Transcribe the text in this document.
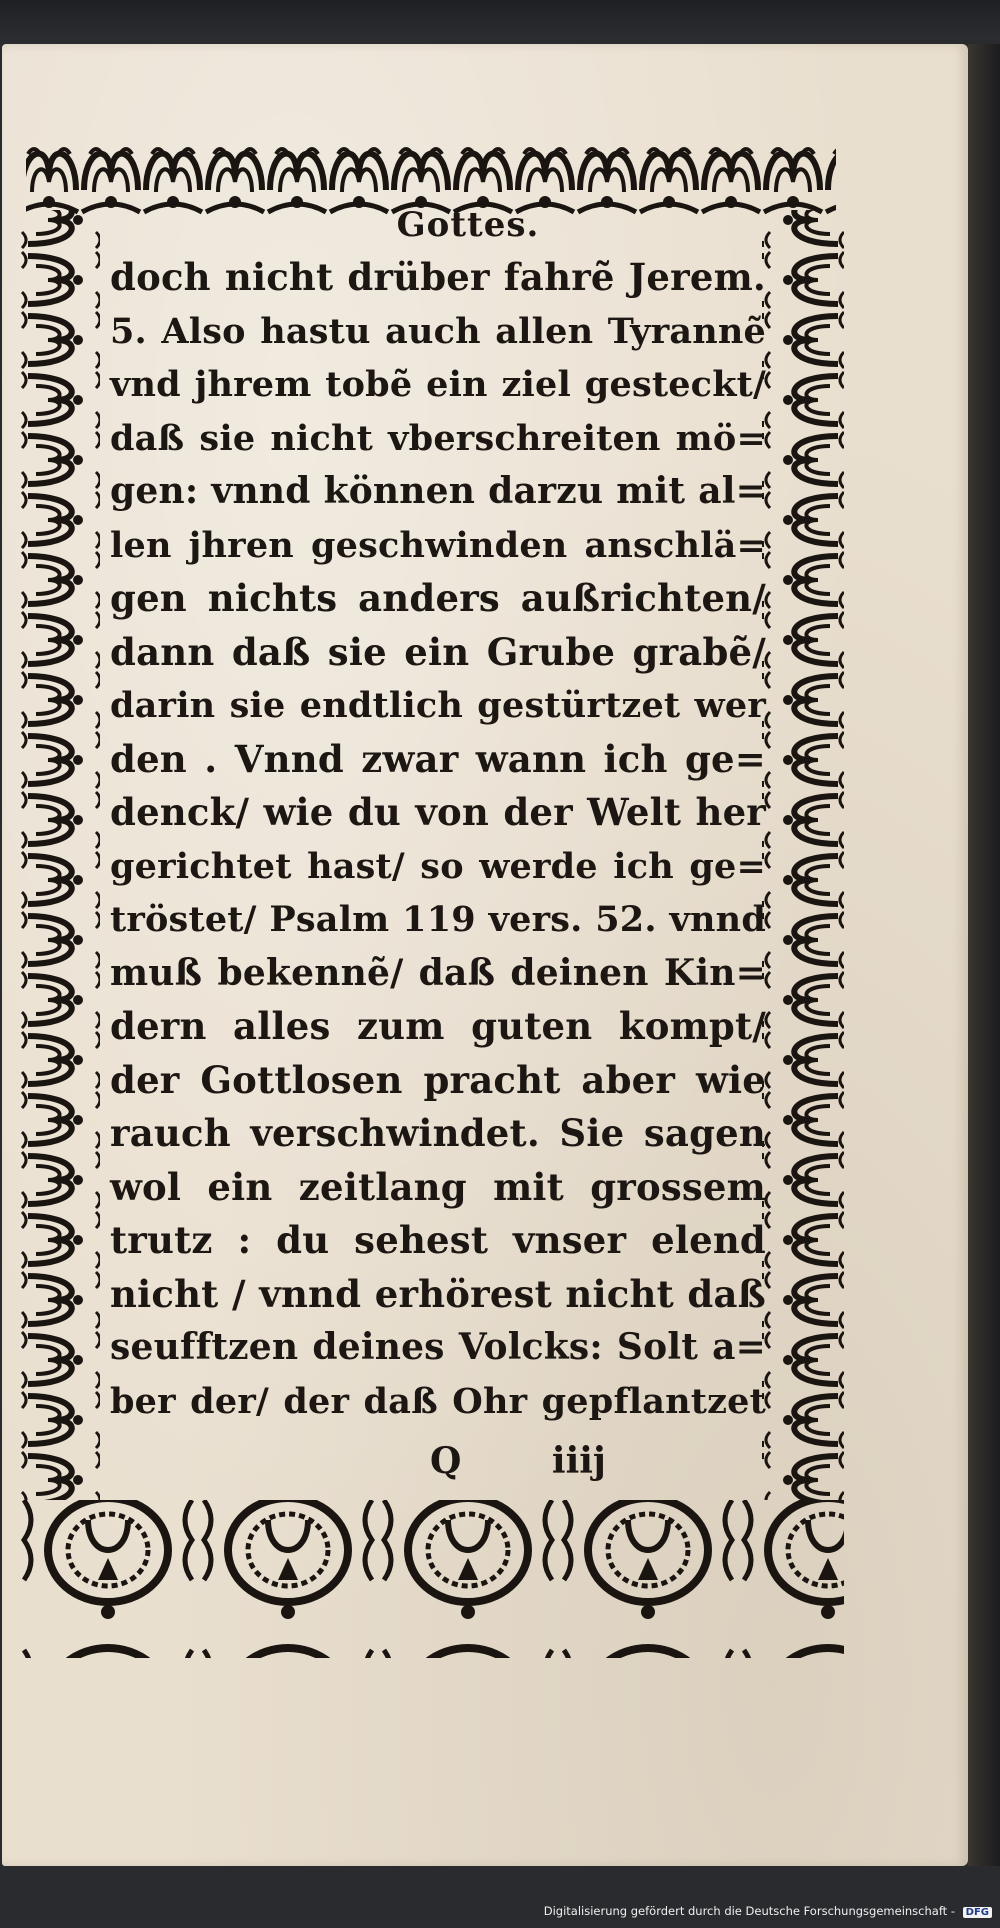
Gottes.
doch nicht drüber fahrẽ Jerem.
5. Also hastu auch allen Tyrannẽ
vnd jhrem tobẽ ein ziel gesteckt/
daß sie nicht vberschreiten mö=
gen: vnnd können darzu mit al=
len jhren geschwinden anschlä=
gen nichts anders außrichten/
dann daß sie ein Grube grabẽ/
darin sie endtlich gestürtzet wer
den . Vnnd zwar wann ich ge=
denck/ wie du von der Welt her
gerichtet hast/ so werde ich ge=
tröstet/ Psalm 119 vers. 52. vnnd
muß bekennẽ/ daß deinen Kin=
dern alles zum guten kompt/
der Gottlosen pracht aber wie
rauch verschwindet. Sie sagen
wol ein zeitlang mit grossem
trutz : du sehest vnser elend
nicht / vnnd erhörest nicht daß
seufftzen deines Volcks: Solt a=
ber der/ der daß Ohr gepflantzet
Q	iiij
Digitalisierung gefördert durch die Deutsche Forschungsgemeinschaft - DFG
